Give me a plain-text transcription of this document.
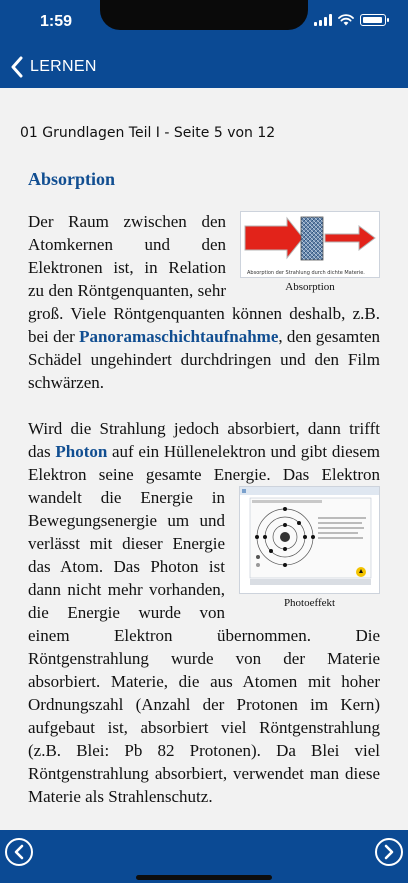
1:59
LERNEN
01 Grundlagen Teil I - Seite 5 von 12
Absorption
Absorption der Strahlung durch dichte Materie.
Absorption

Der Raum zwischen den Atomkernen und den Elektronen ist, in Relation zu den Röntgenquanten, sehr groß. Viele Röntgenquanten können deshalb, z.B. bei der Panoramaschichtaufnahme, den gesamten Schädel ungehindert durchdringen und den Film schwärzen.

Wird die Strahlung jedoch absorbiert, dann trifft das Photon auf ein Hüllenelektron und gibt diesem Elektron seine gesamte Energie.
Photoeffekt
Das Elektron wandelt die Energie in Bewegungsenergie um und verlässt mit dieser Energie das Atom. Das Photon ist dann nicht mehr vorhanden, die Energie wurde von einem Elektron übernommen. Die Röntgenstrahlung wurde von der Materie absorbiert. Materie, die aus Atomen mit hoher Ordnungszahl (Anzahl der Protonen im Kern) aufgebaut ist, absorbiert viel Röntgenstrahlung (z.B. Blei: Pb 82 Protonen). Da Blei viel Röntgenstrahlung absorbiert, verwendet man diese Materie als Strahlenschutz.
